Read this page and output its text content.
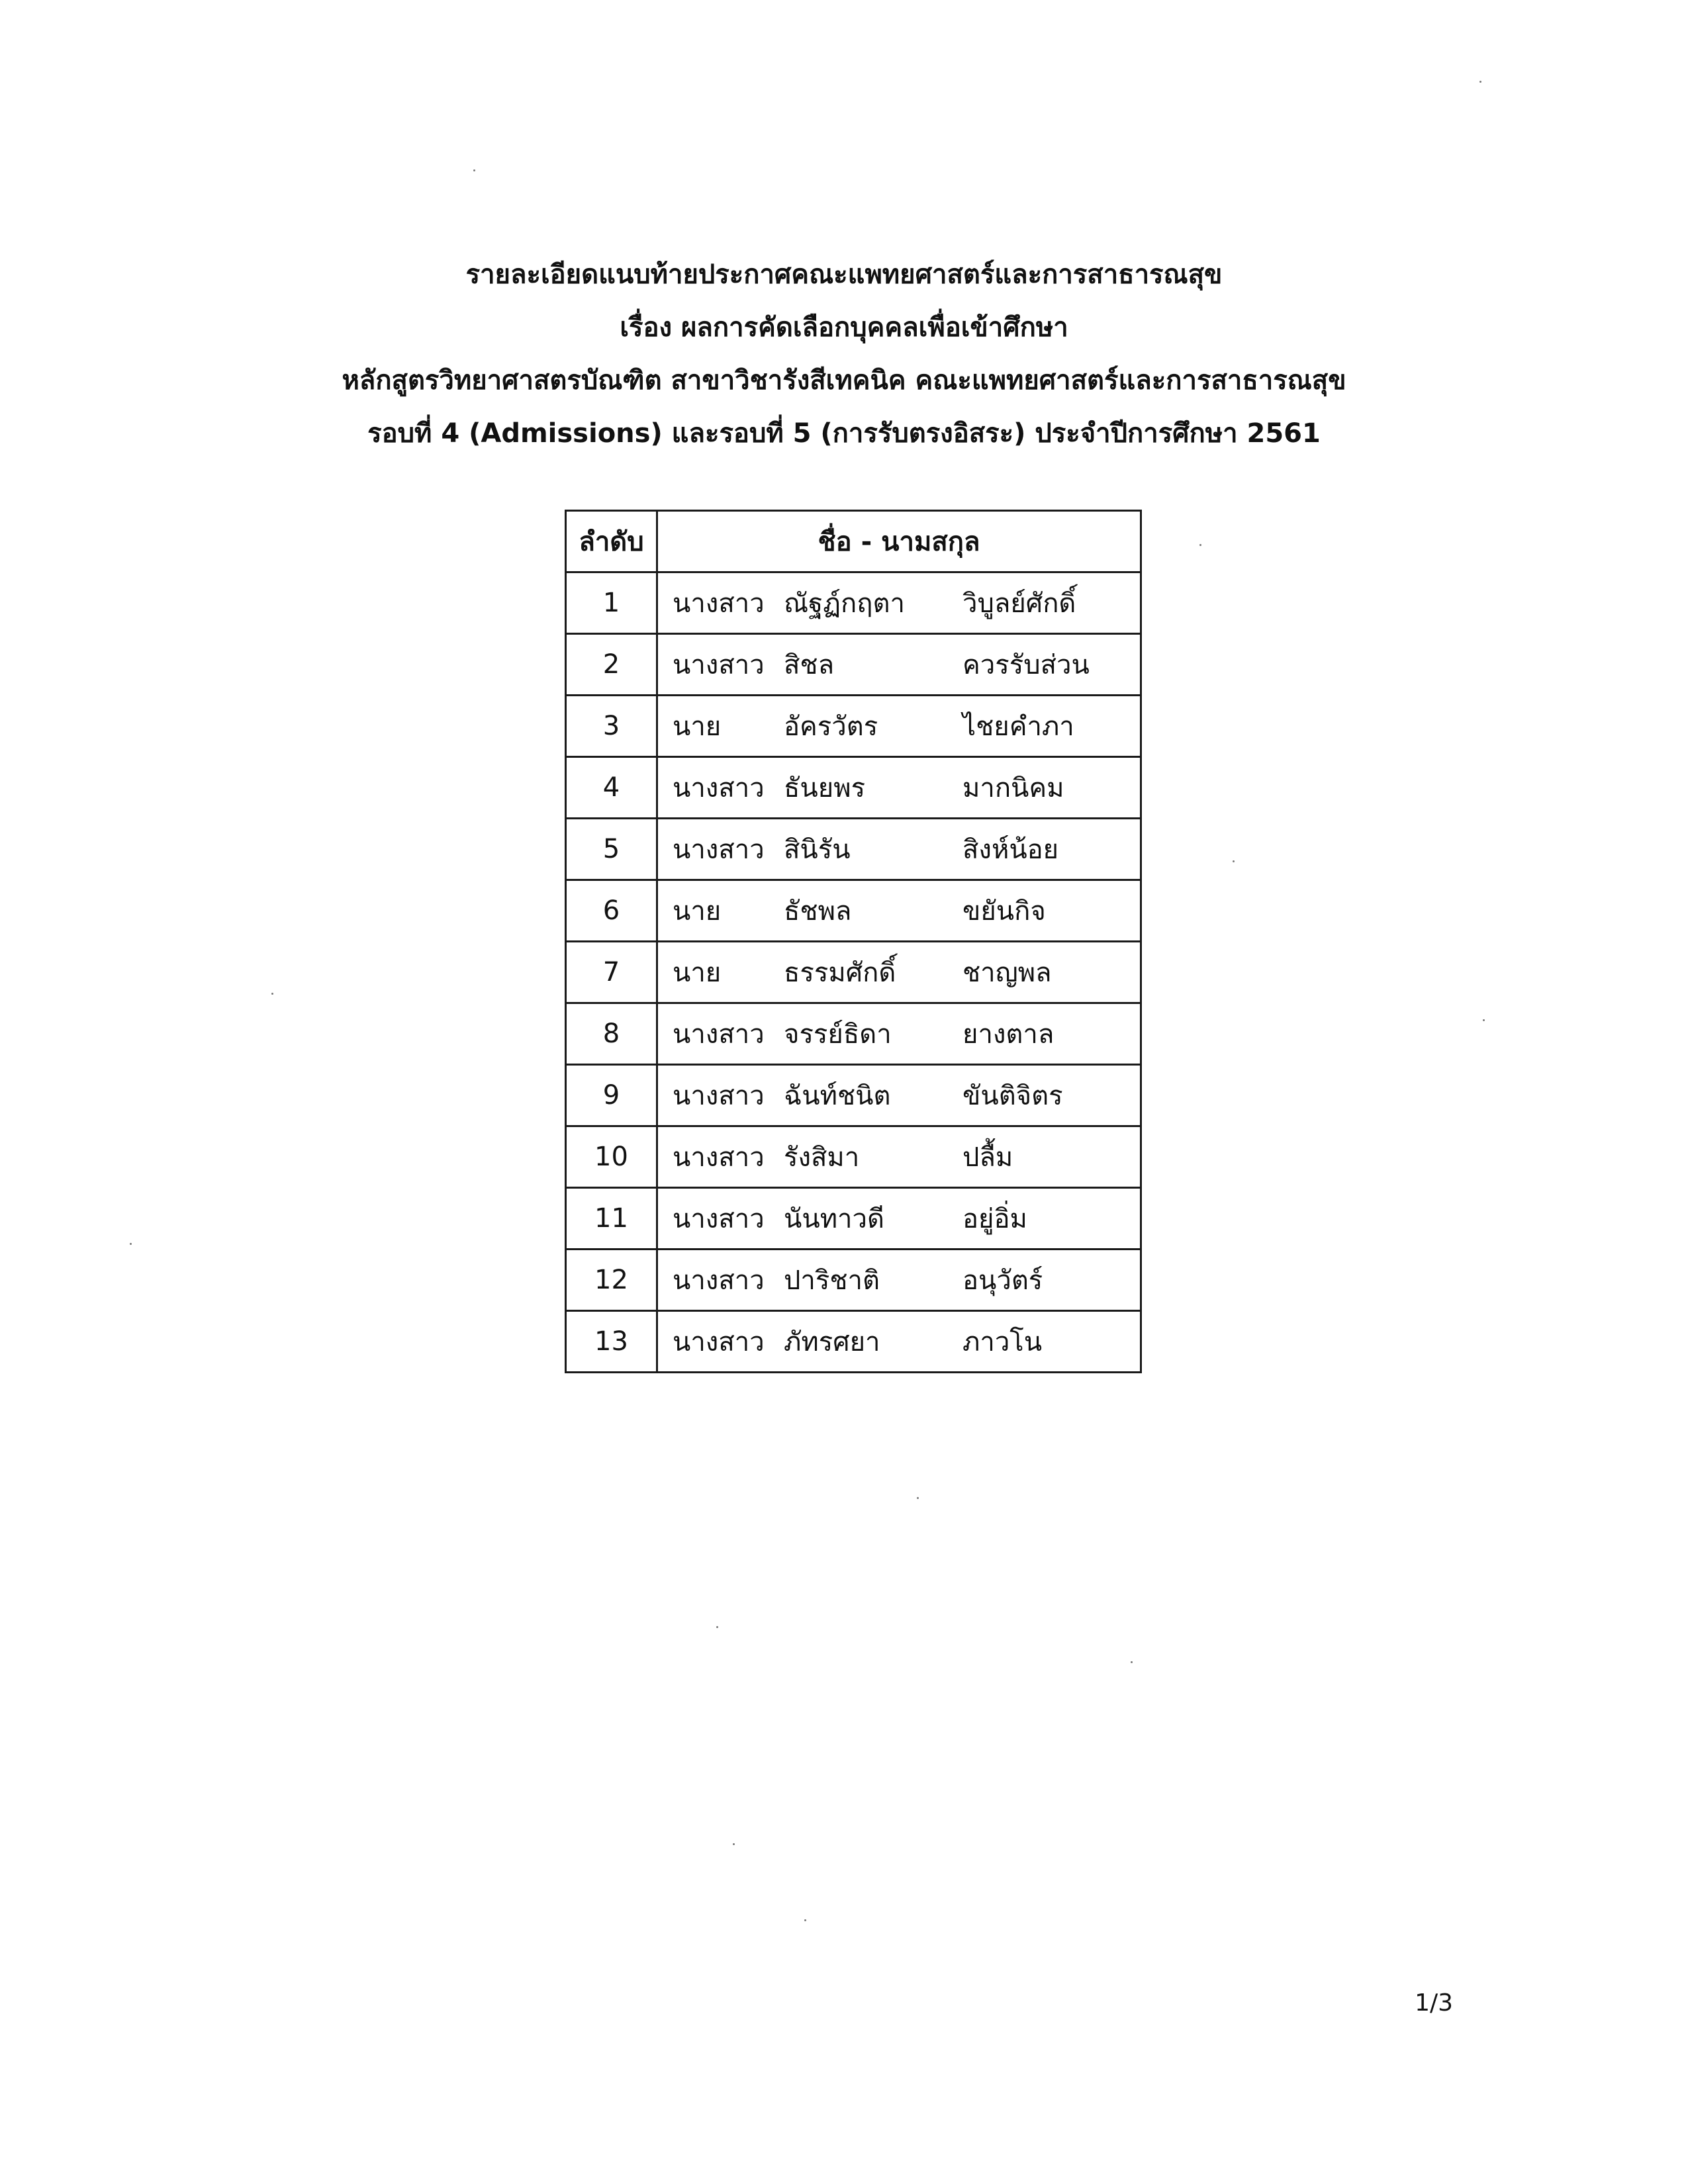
รายละเอียดแนบท้ายประกาศคณะแพทยศาสตร์และการสาธารณสุข
เรื่อง ผลการคัดเลือกบุคคลเพื่อเข้าศึกษา
หลักสูตรวิทยาศาสตรบัณฑิต สาขาวิชารังสีเทคนิค คณะแพทยศาสตร์และการสาธารณสุข
รอบที่ 4 (Admissions) และรอบที่ 5 (การรับตรงอิสระ) ประจำปีการศึกษา 2561
ลำดับ	ชื่อ - นามสกุล
1	นางสาว ณัฐฏ์กฤตา วิบูลย์ศักดิ์
2	นางสาว สิชล ควรรับส่วน
3	นาย อัครวัตร ไชยคำภา
4	นางสาว ธันยพร มากนิคม
5	นางสาว สินิรัน สิงห์น้อย
6	นาย ธัชพล ขยันกิจ
7	นาย ธรรมศักดิ์ ชาญพล
8	นางสาว จรรย์ธิดา ยางตาล
9	นางสาว ฉันท์ชนิต ขันติจิตร
10	นางสาว รังสิมา ปลื้ม
11	นางสาว นันทาวดี อยู่อิ่ม
12	นางสาว ปาริชาติ อนุวัตร์
13	นางสาว ภัทรศยา ภาวโน
1/3
